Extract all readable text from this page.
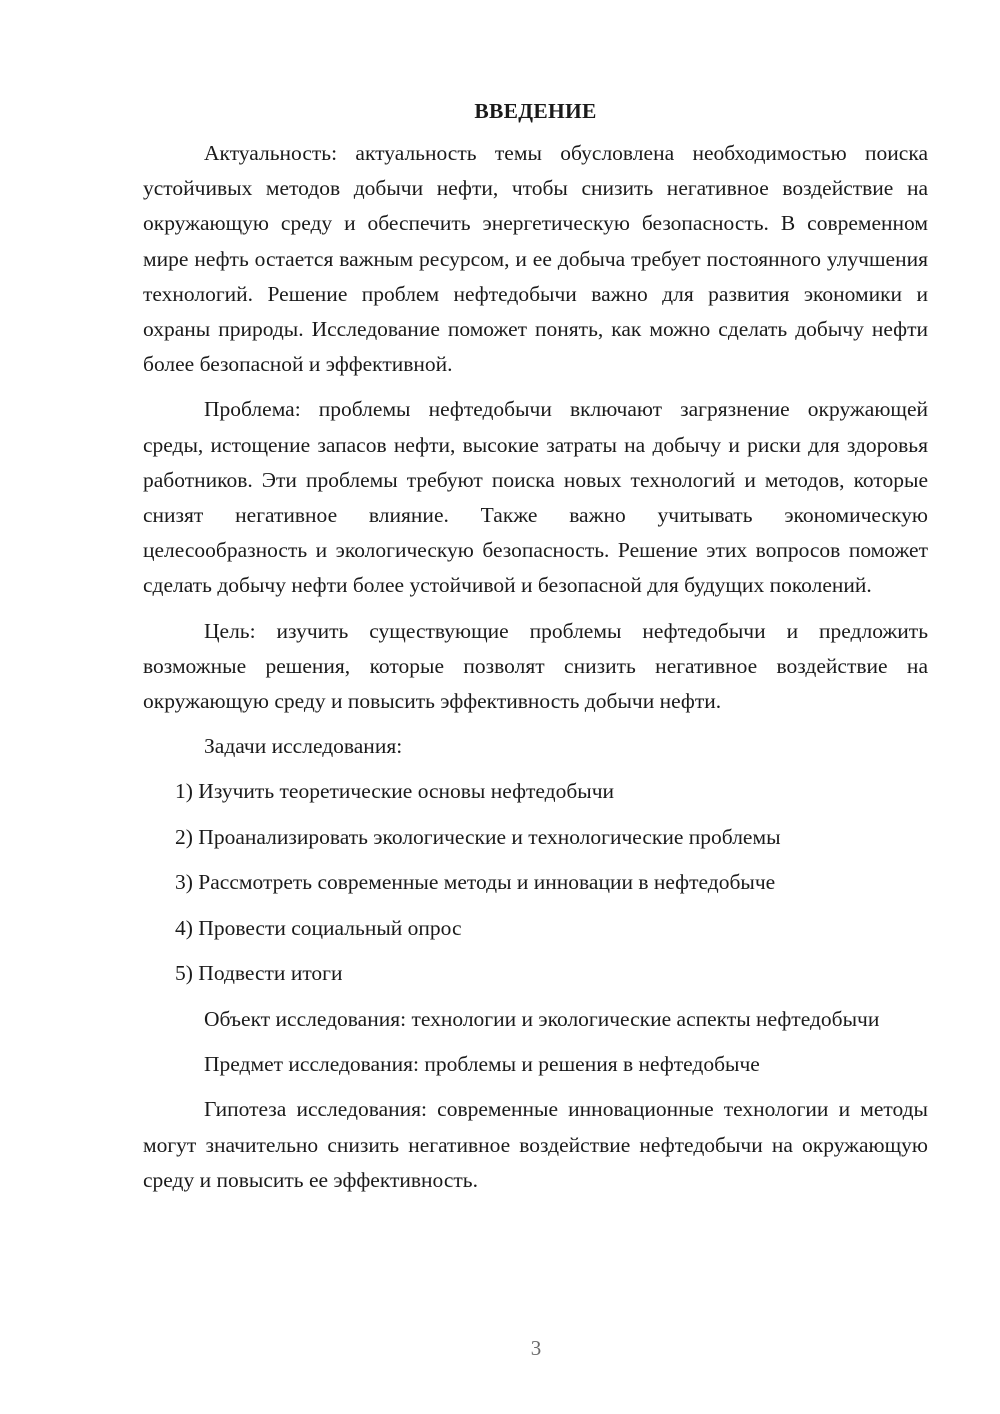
ВВЕДЕНИЕ

Актуальность: актуальность темы обусловлена необходимостью поиска устойчивых методов добычи нефти, чтобы снизить негативное воздействие на окружающую среду и обеспечить энергетическую безопасность. В современном мире нефть остается важным ресурсом, и ее добыча требует постоянного улучшения технологий. Решение проблем нефтедобычи важно для развития экономики и охраны природы. Исследование поможет понять, как можно сделать добычу нефти более безопасной и эффективной.

Проблема: проблемы нефтедобычи включают загрязнение окружающей среды, истощение запасов нефти, высокие затраты на добычу и риски для здоровья работников. Эти проблемы требуют поиска новых технологий и методов, которые снизят негативное влияние. Также важно учитывать экономическую целесообразность и экологическую безопасность. Решение этих вопросов поможет сделать добычу нефти более устойчивой и безопасной для будущих поколений.

Цель: изучить существующие проблемы нефтедобычи и предложить возможные решения, которые позволят снизить негативное воздействие на окружающую среду и повысить эффективность добычи нефти.

Задачи исследования:

1) Изучить теоретические основы нефтедобычи
2) Проанализировать экологические и технологические проблемы
3) Рассмотреть современные методы и инновации в нефтедобыче
4) Провести социальный опрос
5) Подвести итоги

Объект исследования: технологии и экологические аспекты нефтедобычи

Предмет исследования: проблемы и решения в нефтедобыче

Гипотеза исследования: современные инновационные технологии и методы могут значительно снизить негативное воздействие нефтедобычи на окружающую среду и повысить ее эффективность.

3
